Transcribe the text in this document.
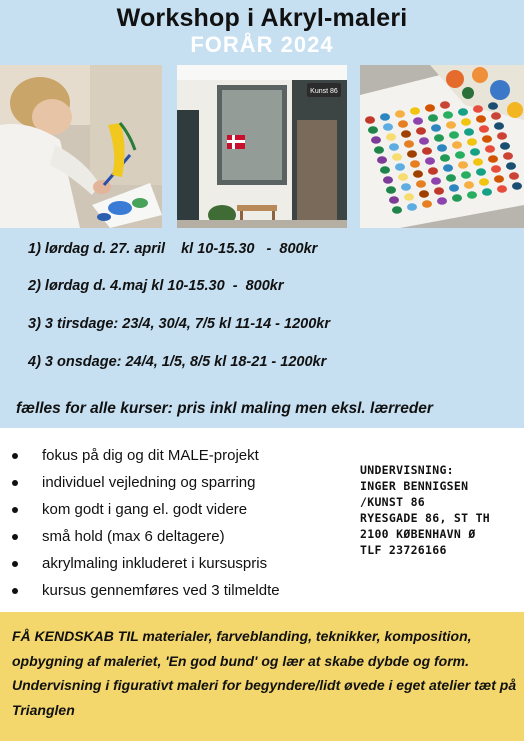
Workshop i Akryl-maleri
FORÅR 2024
Kunst 86
1) lørdag d. 27. april    kl 10-15.30   -  800kr
2) lørdag d. 4.maj kl 10-15.30  -  800kr
3) 3 tirsdage: 23/4, 30/4, 7/5 kl 11-14 - 1200kr
4) 3 onsdage: 24/4, 1/5, 8/5 kl 18-21 - 1200kr
fælles for alle kurser: pris inkl maling men eksl. lærreder
fokus på dig og dit MALE-projekt
individuel vejledning og sparring
kom godt i gang el. godt videre
små hold (max 6 deltagere)
akrylmaling inkluderet i kursuspris
kursus gennemføres ved 3 tilmeldte
UNDERVISNING:
INGER BENNIGSEN
/KUNST 86
RYESGADE 86, ST TH
2100 KØBENHAVN Ø
TLF 23726166
FÅ KENDSKAB TIL materialer, farveblanding, teknikker, komposition, opbygning af maleriet, 'En god bund' og lær at skabe dybde og form. Undervisning i figurativt maleri for begyndere/lidt øvede i eget atelier tæt på Trianglen
